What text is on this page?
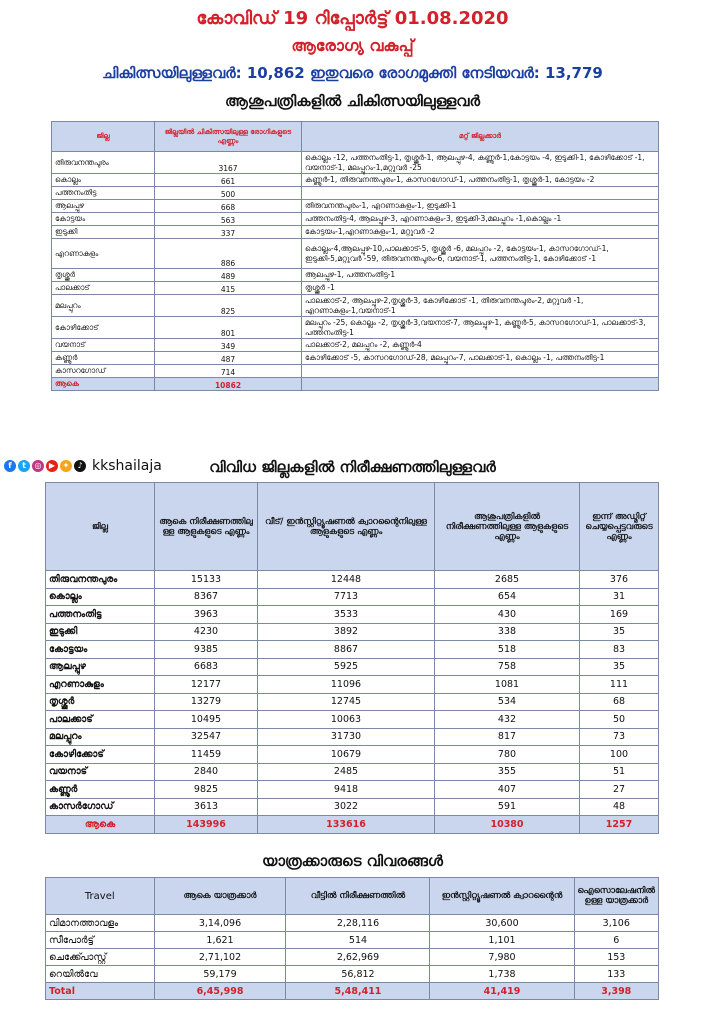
കോവിഡ് 19 റിപ്പോർട്ട് 01.08.2020
ആരോഗ്യ വകുപ്പ്
ചികിത്സയിലുള്ളവർ: 10,862 ഇതുവരെ രോഗമുക്തി നേടിയവർ: 13,779
ആശുപത്രികളിൽ ചികിത്സയിലുള്ളവർ
ജില്ല	ജില്ലയിൽ ചികിത്സയിലുള്ള രോഗികളുടെ എണ്ണം	മറ്റ് ജില്ലക്കാർ
തിരുവനന്തപുരം	3167	കൊല്ലം -12, പത്തനംതിട്ട-1, തൃശ്ശൂർ-1, ആലപ്പുഴ-4, കണ്ണൂർ-1,കോട്ടയം -4, ഇടുക്കി-1, കോഴിക്കോട് -1, വയനാട്-1, മലപ്പുറം-1,മറ്റുവർ -25
കൊല്ലം	661	കണ്ണൂർ-1, തിരുവനന്തപുരം-1, കാസറഗോഡ്-1, പത്തനംതിട്ട-1, തൃശ്ശൂർ-1, കോട്ടയം -2
പത്തനംതിട്ട	500	
ആലപ്പുഴ	668	തിരുവനന്തപുരം-1, എറണാകുളം-1, ഇടുക്കി-1
കോട്ടയം	563	പത്തനംതിട്ട-4, ആലപ്പുഴ-3, എറണാകുളം-3, ഇടുക്കി-3,മലപ്പുറം -1,കൊല്ലം -1
ഇടുക്കി	337	കോട്ടയം-1,എറണാകുളം-1, മറ്റുവർ -2
എറണാകുളം	886	കൊല്ലം-4,ആലപ്പുഴ-10,പാലക്കാട്-5, തൃശ്ശൂർ -6, മലപ്പുറം -2, കോട്ടയം-1, കാസറഗോഡ്-1, ഇടുക്കി-5,മറ്റുവർ -59, തിരുവനന്തപുരം-6, വയനാട്-1, പത്തനംതിട്ട-1, കോഴിക്കോട് -1
തൃശ്ശൂർ	489	ആലപ്പുഴ-1, പത്തനംതിട്ട-1
പാലക്കാട്	415	തൃശ്ശൂർ -1
മലപ്പുറം	825	പാലക്കാട്-2, ആലപ്പുഴ-2,തൃശ്ശൂർ-3, കോഴിക്കോട് -1, തിരുവനന്തപുരം-2, മറ്റുവർ -1, എറണാകുളം-1,വയനാട്-1
കോഴിക്കോട്	801	മലപ്പുറം -25, കൊല്ലം -2, തൃശ്ശൂർ-3,വയനാട്-7, ആലപ്പുഴ-1, കണ്ണൂർ-5, കാസറഗോഡ്-1, പാലക്കാട്-3, പത്തനംതിട്ട-1
വയനാട്	349	പാലക്കാട്-2, മലപ്പുറം -2, കണ്ണൂർ-4
കണ്ണൂർ	487	കോഴിക്കോട് -5, കാസറഗോഡ്-28, മലപ്പുറം-7, പാലക്കാട്-1, കൊല്ലം -1, പത്തനംതിട്ട-1
കാസറഗോഡ്	714	
ആകെ	10862	
f	t	◎ ▶ ✦	♪ kkshailaja	വിവിധ ജില്ലകളിൽ നിരീക്ഷണത്തിലുള്ളവർ
ജില്ല	ആകെ നിരീക്ഷണത്തിലു ള്ള ആളുകളുടെ എണ്ണം	വീട്/ ഇൻസ്റ്റിറ്റ്യൂഷണൽ ക്വാറന്റൈനിലുള്ള ആളുകളുടെ എണ്ണം	ആശുപത്രികളിൽ നിരീക്ഷണത്തിലുള്ള ആളുകളുടെ എണ്ണം	ഇന്ന് അഡ്മിറ്റ് ചെയ്യപ്പെട്ടവരുടെ എണ്ണം
തിരുവനന്തപുരം	15133	12448	2685	376
കൊല്ലം	8367	7713	654	31
പത്തനംതിട്ട	3963	3533	430	169
ഇടുക്കി	4230	3892	338	35
കോട്ടയം	9385	8867	518	83
ആലപ്പുഴ	6683	5925	758	35
എറണാകുളം	12177	11096	1081	111
തൃശ്ശൂർ	13279	12745	534	68
പാലക്കാട്	10495	10063	432	50
മലപ്പുറം	32547	31730	817	73
കോഴിക്കോട്	11459	10679	780	100
വയനാട്	2840	2485	355	51
കണ്ണൂർ	9825	9418	407	27
കാസർഗോഡ്	3613	3022	591	48
ആകെ	143996	133616	10380	1257
യാത്രക്കാരുടെ വിവരങ്ങൾ
Travel	ആകെ യാത്രക്കാർ	വീട്ടിൽ നിരീക്ഷണത്തിൽ	ഇൻസ്റ്റിറ്റ്യൂഷണൽ ക്വാറന്റൈൻ	ഐസൊലേഷനിൽ ഉള്ള യാത്രക്കാർ
വിമാനത്താവളം	3,14,096	2,28,116	30,600	3,106
സീപോർട്ട്	1,621	514	1,101	6
ചെക്ക്പോസ്റ്റ്	2,71,102	2,62,969	7,980	153
റെയിൽവേ	59,179	56,812	1,738	133
Total	6,45,998	5,48,411	41,419	3,398
